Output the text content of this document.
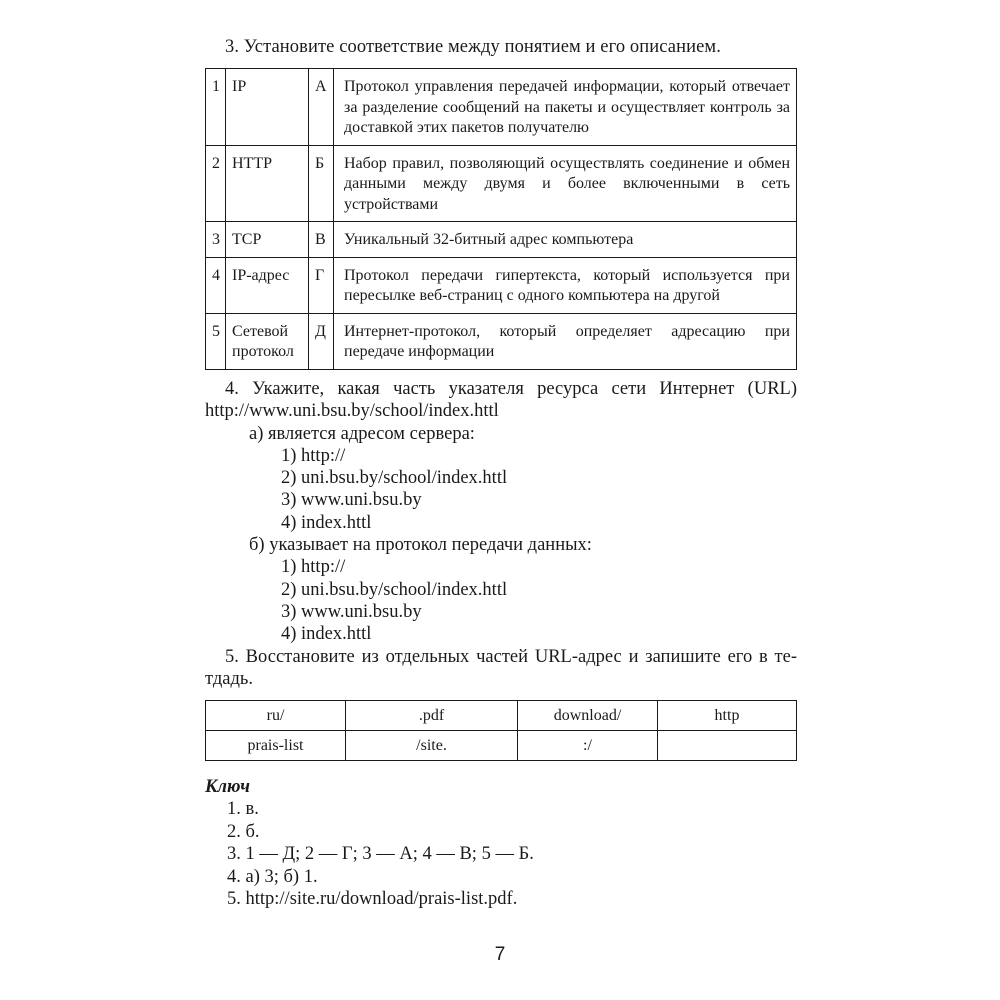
3. Установите соответствие между понятием и его описанием.
1	IP	А	Протокол управления передачей информации, который отвечает за разделение сообщений на пакеты и осуществляет контроль за доставкой этих пакетов получателю
2	HTTP	Б	Набор правил, позволяющий осуществлять соединение и обмен данными между двумя и более включенными в сеть устройствами
3	TCP	В	Уникальный 32-битный адрес компьютера
4	IP-адрес	Г	Протокол передачи гипертекста, который используется при пересылке веб-страниц с одного компьютера на другой
5	Сетевой протокол	Д	Интернет-протокол, который определяет адресацию при передаче информации
4. Укажите, какая часть указателя ресурса сети Интернет (URL)
http://www.uni.bsu.by/school/index.httl
а) является адресом сервера:
1) http://
2) uni.bsu.by/school/index.httl
3) www.uni.bsu.by
4) index.httl
б) указывает на протокол передачи данных:
1) http://
2) uni.bsu.by/school/index.httl
3) www.uni.bsu.by
4) index.httl
5. Восстановите из отдельных частей URL-адрес и запишите его в те-
тдадь.
ru/	.pdf	download/	http
prais-list	/site.	:/	
Ключ
1. в.
2. б.
3. 1 — Д; 2 — Г; 3 — А; 4 — В; 5 — Б.
4. а) 3; б) 1.
5. http://site.ru/download/prais-list.pdf.
7
